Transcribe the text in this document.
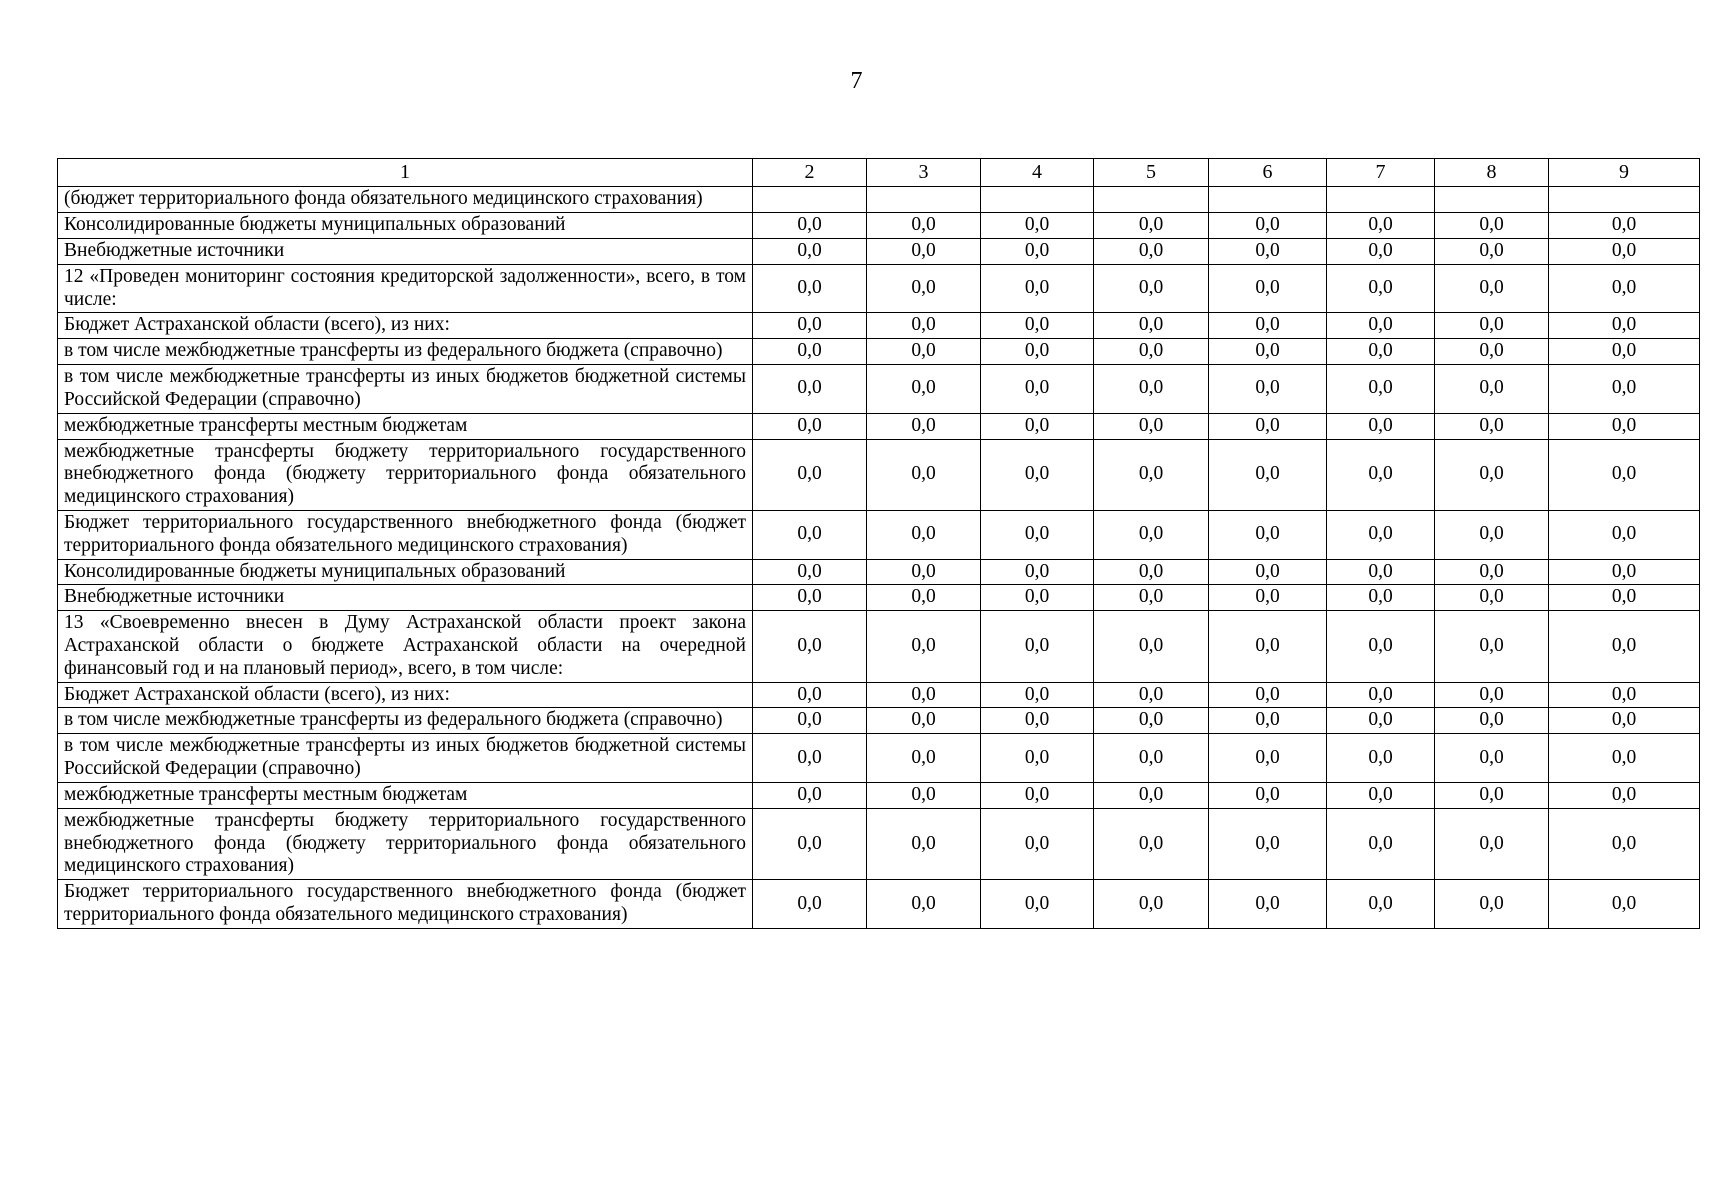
7
1	2	3	4	5	6	7	8	9
(бюджет территориального фонда обязательного медицинского страхования)								
Консолидированные бюджеты муниципальных образований	0,0	0,0	0,0	0,0	0,0	0,0	0,0	0,0
Внебюджетные источники	0,0	0,0	0,0	0,0	0,0	0,0	0,0	0,0
12 «Проведен мониторинг состояния кредиторской задолженности», всего, в том числе:	0,0	0,0	0,0	0,0	0,0	0,0	0,0	0,0
Бюджет Астраханской области (всего), из них:	0,0	0,0	0,0	0,0	0,0	0,0	0,0	0,0
в том числе межбюджетные трансферты из федерального бюджета (справочно)	0,0	0,0	0,0	0,0	0,0	0,0	0,0	0,0
в том числе межбюджетные трансферты из иных бюджетов бюджетной системы Российской Федерации (справочно)	0,0	0,0	0,0	0,0	0,0	0,0	0,0	0,0
межбюджетные трансферты местным бюджетам	0,0	0,0	0,0	0,0	0,0	0,0	0,0	0,0
межбюджетные трансферты бюджету территориального государственного внебюджетного фонда (бюджету территориального фонда обязательного медицинского страхования)	0,0	0,0	0,0	0,0	0,0	0,0	0,0	0,0
Бюджет территориального государственного внебюджетного фонда (бюджет территориального фонда обязательного медицинского страхования)	0,0	0,0	0,0	0,0	0,0	0,0	0,0	0,0
Консолидированные бюджеты муниципальных образований	0,0	0,0	0,0	0,0	0,0	0,0	0,0	0,0
Внебюджетные источники	0,0	0,0	0,0	0,0	0,0	0,0	0,0	0,0
13 «Своевременно внесен в Думу Астраханской области проект закона Астраханской области о бюджете Астраханской области на очередной финансовый год и на плановый период», всего, в том числе:	0,0	0,0	0,0	0,0	0,0	0,0	0,0	0,0
Бюджет Астраханской области (всего), из них:	0,0	0,0	0,0	0,0	0,0	0,0	0,0	0,0
в том числе межбюджетные трансферты из федерального бюджета (справочно)	0,0	0,0	0,0	0,0	0,0	0,0	0,0	0,0
в том числе межбюджетные трансферты из иных бюджетов бюджетной системы Российской Федерации (справочно)	0,0	0,0	0,0	0,0	0,0	0,0	0,0	0,0
межбюджетные трансферты местным бюджетам	0,0	0,0	0,0	0,0	0,0	0,0	0,0	0,0
межбюджетные трансферты бюджету территориального государственного внебюджетного фонда (бюджету территориального фонда обязательного медицинского страхования)	0,0	0,0	0,0	0,0	0,0	0,0	0,0	0,0
Бюджет территориального государственного внебюджетного фонда (бюджет территориального фонда обязательного медицинского страхования)	0,0	0,0	0,0	0,0	0,0	0,0	0,0	0,0
